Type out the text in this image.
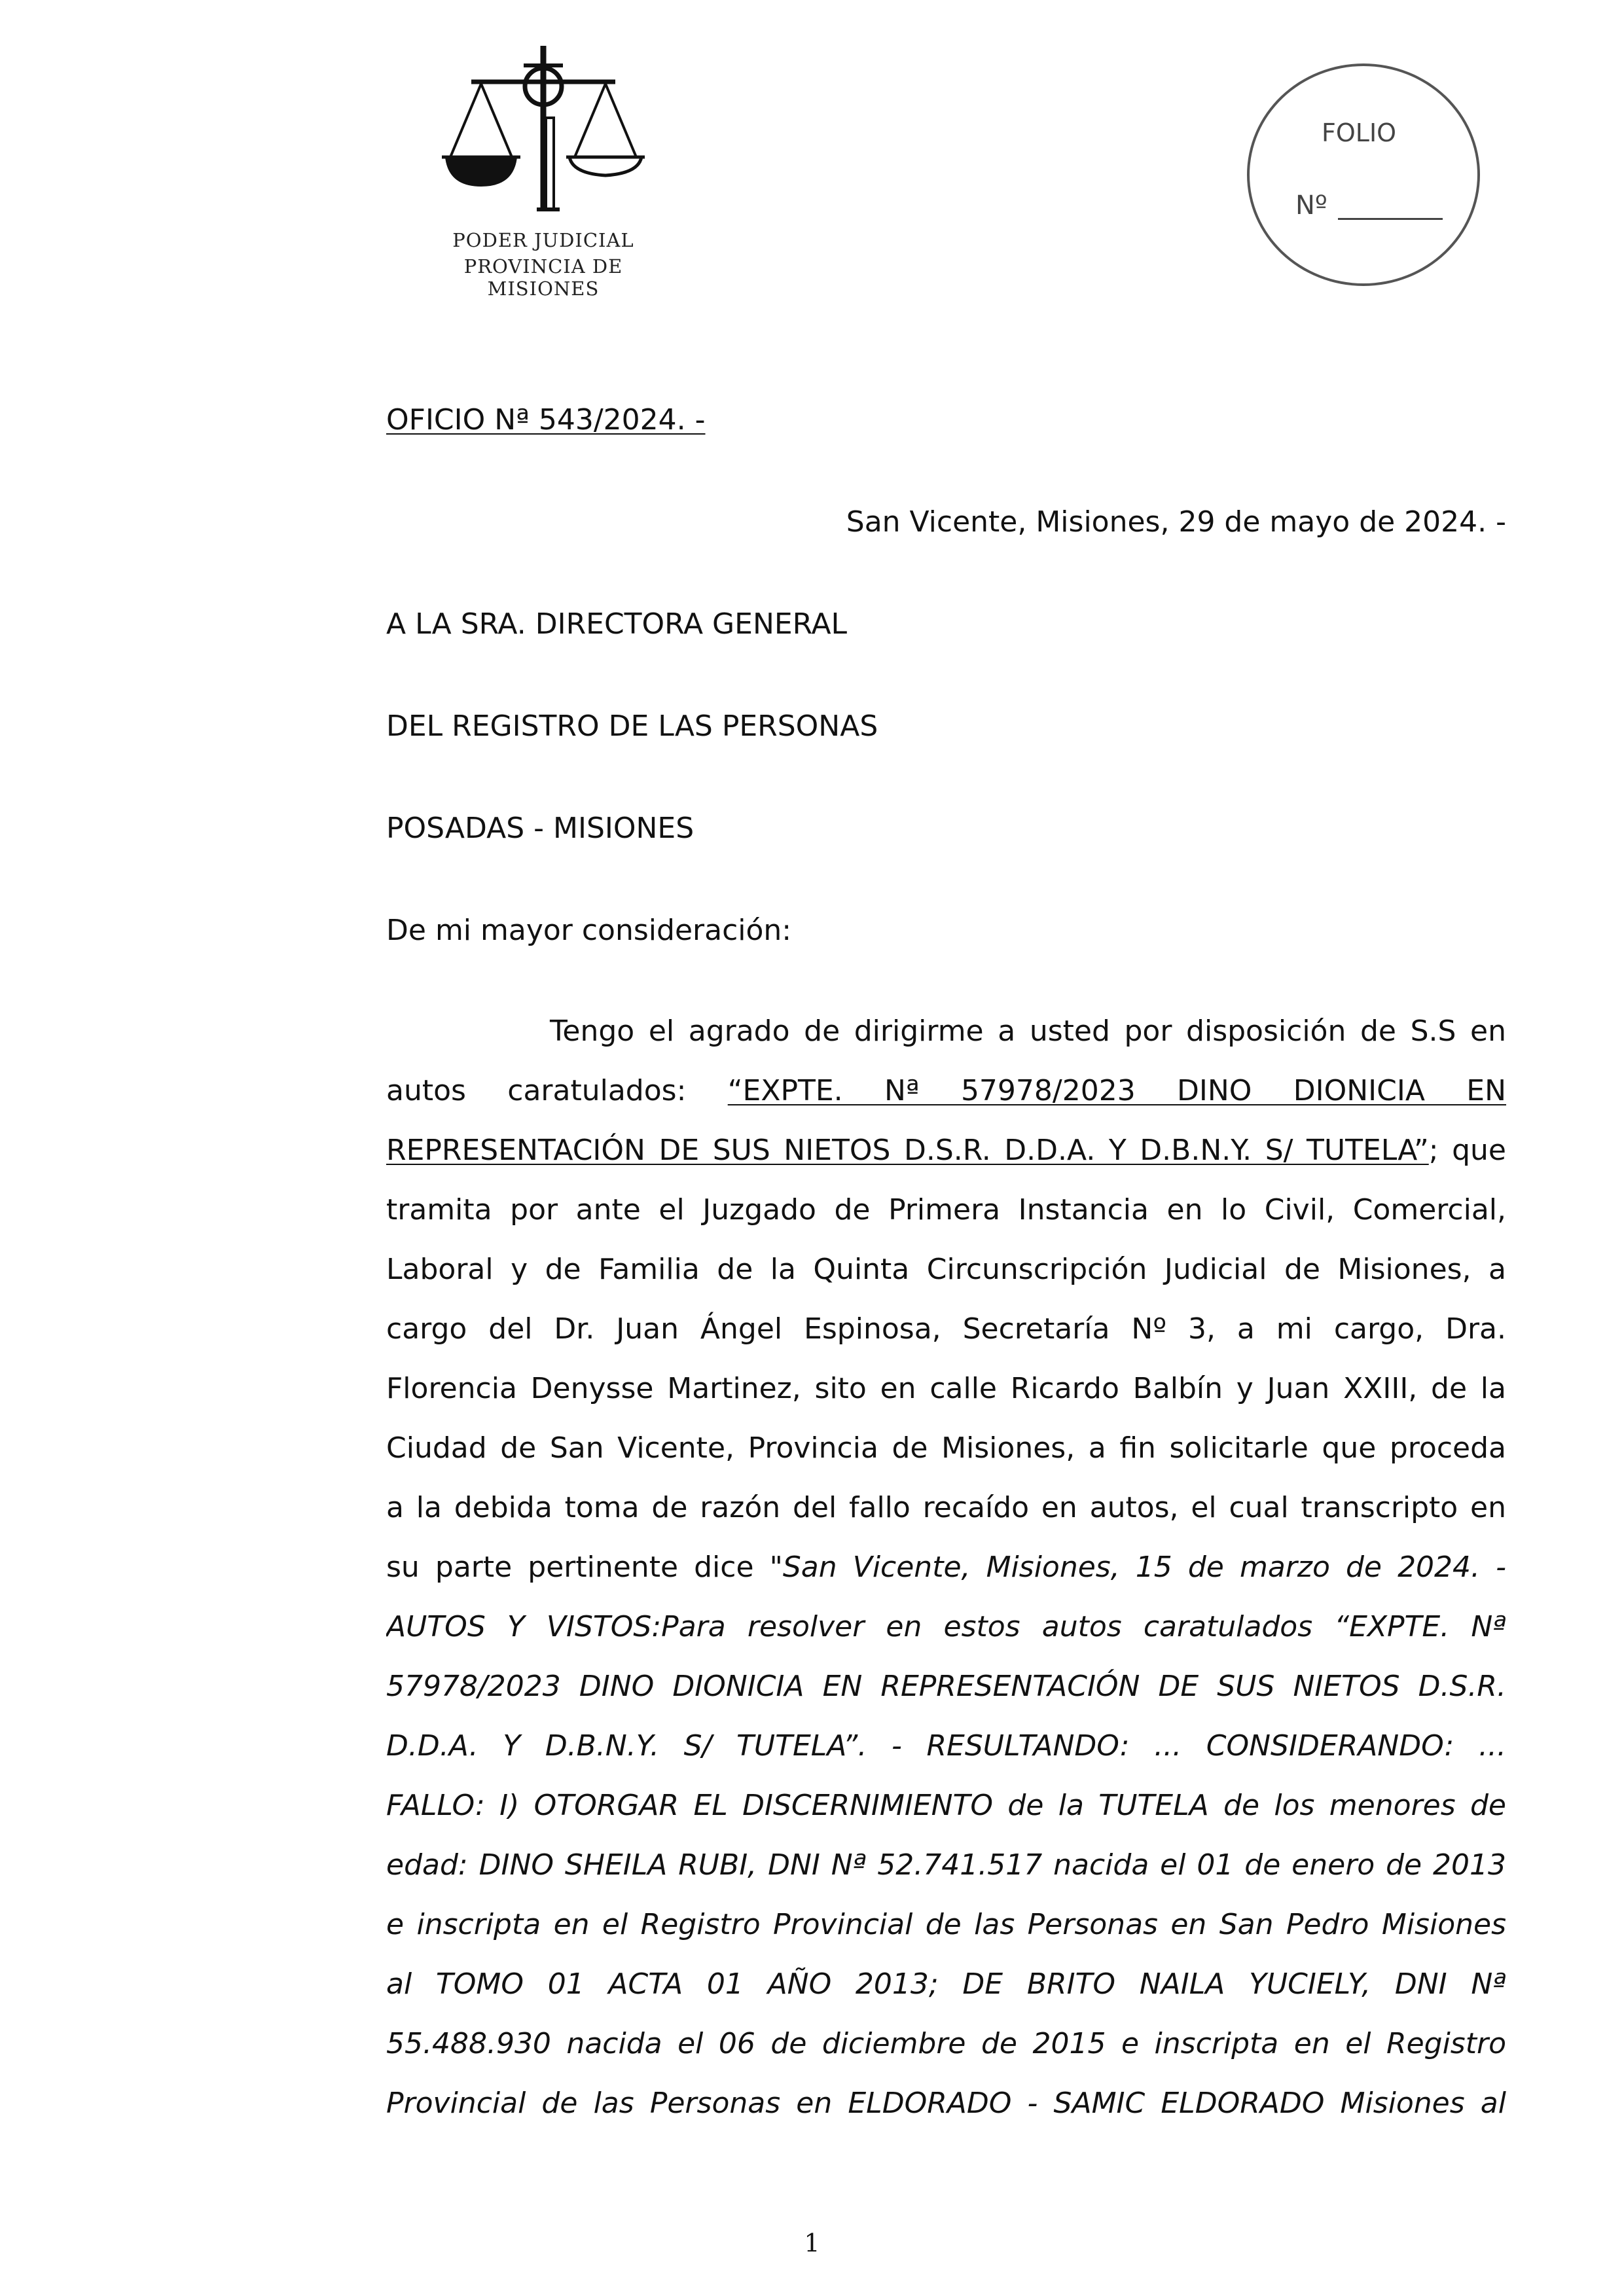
PODER JUDICIAL
PROVINCIA DE MISIONES
FOLIO
Nº
OFICIO Nª 543/2024. -
San Vicente, Misiones, 29 de mayo de 2024. -
A LA SRA. DIRECTORA GENERAL
DEL REGISTRO DE LAS PERSONAS
POSADAS - MISIONES
De mi mayor consideración:
Tengo el agrado de dirigirme a usted por disposición de S.S en
autos caratulados: “EXPTE. Nª 57978/2023 DINO DIONICIA EN
REPRESENTACIÓN DE SUS NIETOS D.S.R. D.D.A. Y D.B.N.Y. S/ TUTELA”; que
tramita por ante el Juzgado de Primera Instancia en lo Civil, Comercial,
Laboral y de Familia de la Quinta Circunscripción Judicial de Misiones, a
cargo del Dr. Juan Ángel Espinosa, Secretaría Nº 3, a mi cargo, Dra.
Florencia Denysse Martinez, sito en calle Ricardo Balbín y Juan XXIII, de la
Ciudad de San Vicente, Provincia de Misiones, a fin solicitarle que proceda
a la debida toma de razón del fallo recaído en autos, el cual transcripto en
su parte pertinente dice "San Vicente, Misiones, 15 de marzo de 2024. -
AUTOS Y VISTOS:Para resolver en estos autos caratulados “EXPTE. Nª
57978/2023 DINO DIONICIA EN REPRESENTACIÓN DE SUS NIETOS D.S.R.
D.D.A. Y D.B.N.Y. S/ TUTELA”. - RESULTANDO: ... CONSIDERANDO: ...
FALLO: I) OTORGAR EL DISCERNIMIENTO de la TUTELA de los menores de
edad: DINO SHEILA RUBI, DNI Nª 52.741.517 nacida el 01 de enero de 2013
e inscripta en el Registro Provincial de las Personas en San Pedro Misiones
al TOMO 01 ACTA 01 AÑO 2013; DE BRITO NAILA YUCIELY, DNI Nª
55.488.930 nacida el 06 de diciembre de 2015 e inscripta en el Registro
Provincial de las Personas en ELDORADO - SAMIC ELDORADO Misiones al
1
